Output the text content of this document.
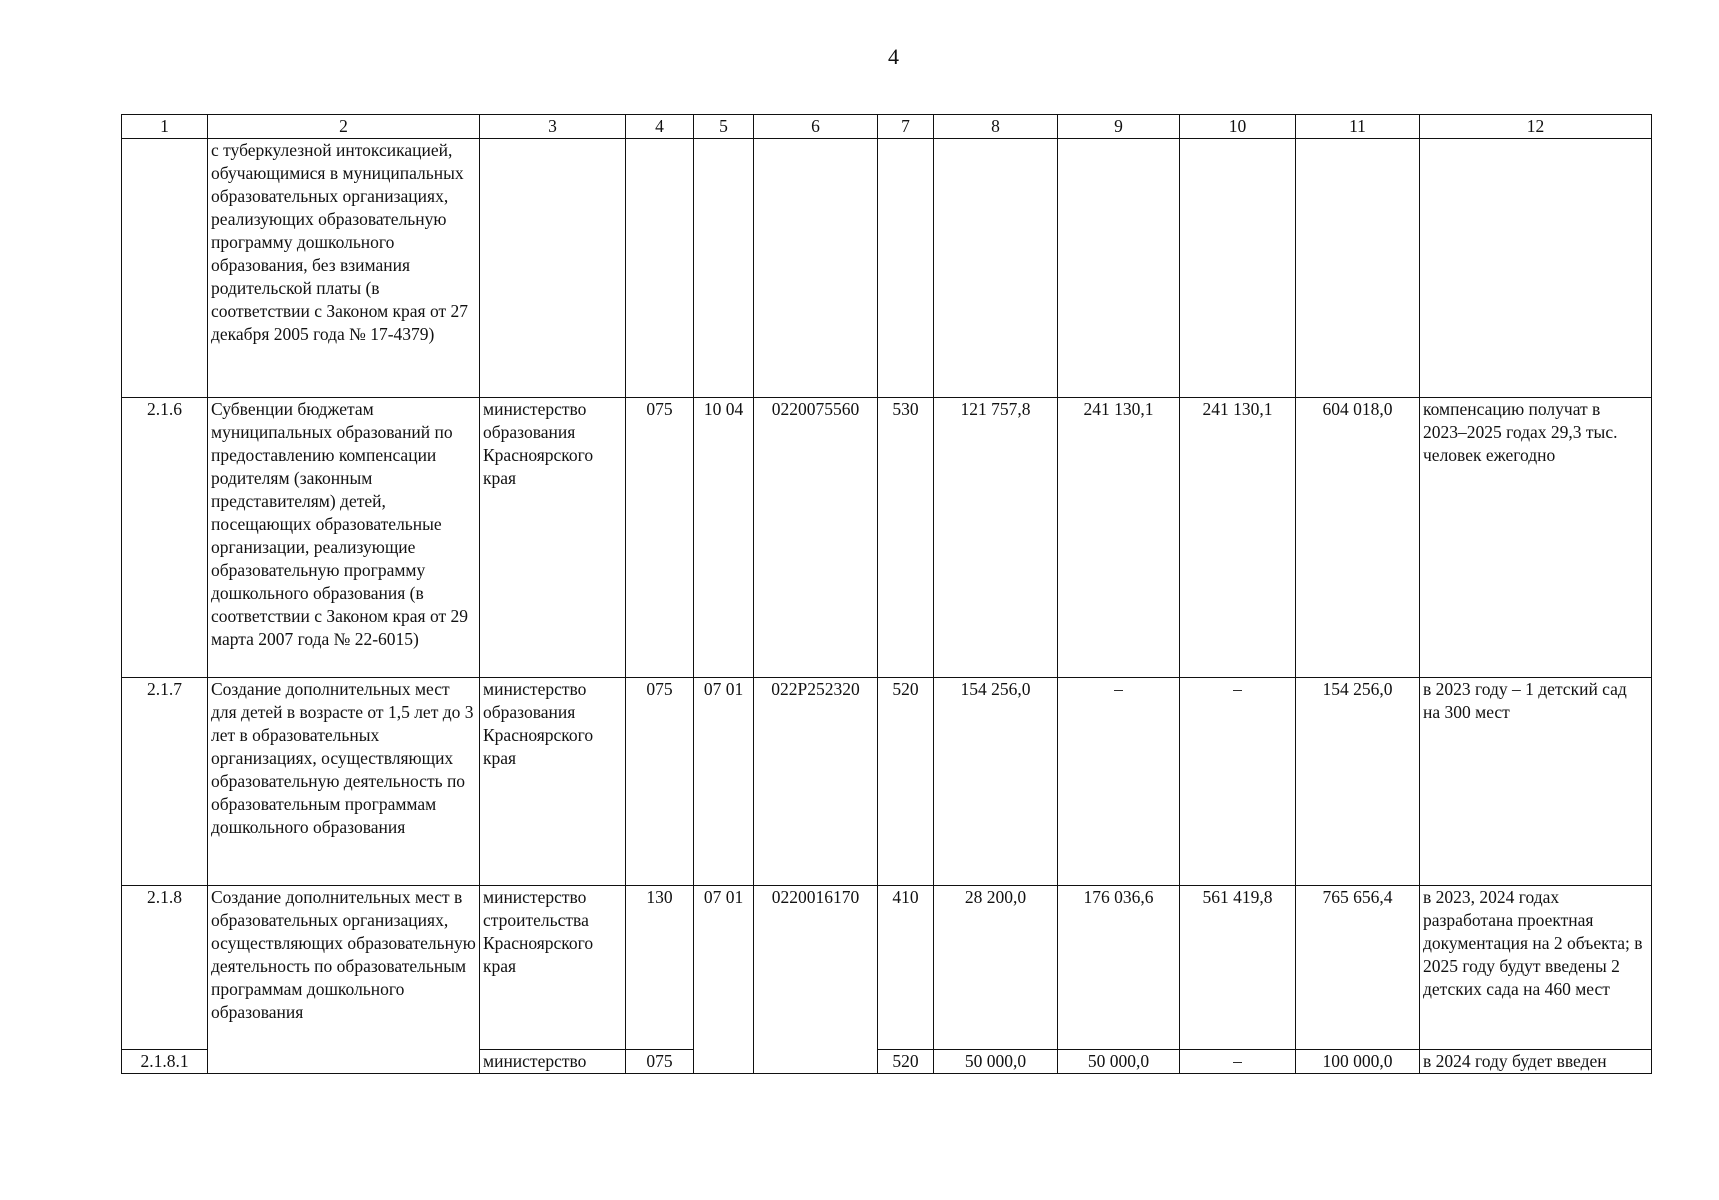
4
1	2	3	4	5	6	7	8	9	10	11	12
	с туберкулезной интоксикацией, обучающимися в муниципальных образовательных организациях, реализующих образовательную программу дошкольного образования, без взимания родительской платы (в соответствии с Законом края от 27 декабря 2005 года № 17-4379)										
2.1.6	Субвенции бюджетам муниципальных образований по предоставлению компенсации родителям (законным представителям) детей, посещающих образовательные организации, реализующие образовательную программу дошкольного образования (в соответствии с Законом края от 29 марта 2007 года № 22-6015)	министерство образования Красноярского края	075	10 04	0220075560	530	121 757,8	241 130,1	241 130,1	604 018,0	компенсацию получат в 2023–2025 годах 29,3 тыс. человек ежегодно
2.1.7	Создание дополнительных мест для детей в возрасте от 1,5 лет до 3 лет в образовательных организациях, осуществляющих образовательную деятельность по образовательным программам дошкольного образования	министерство образования Красноярского края	075	07 01	022P252320	520	154 256,0	–	–	154 256,0	в 2023 году – 1 детский сад на 300 мест
2.1.8	Создание дополнительных мест в образовательных организациях, осуществляющих образовательную деятельность по образовательным программам дошкольного образования	министерство строительства Красноярского края	130	07 01	0220016170	410	28 200,0	176 036,6	561 419,8	765 656,4	в 2023, 2024 годах разработана проектная документация на 2 объекта; в 2025 году будут введены 2 детских сада на 460 мест
2.1.8.1		министерство	075			520	50 000,0	50 000,0	–	100 000,0	в 2024 году будет введен
